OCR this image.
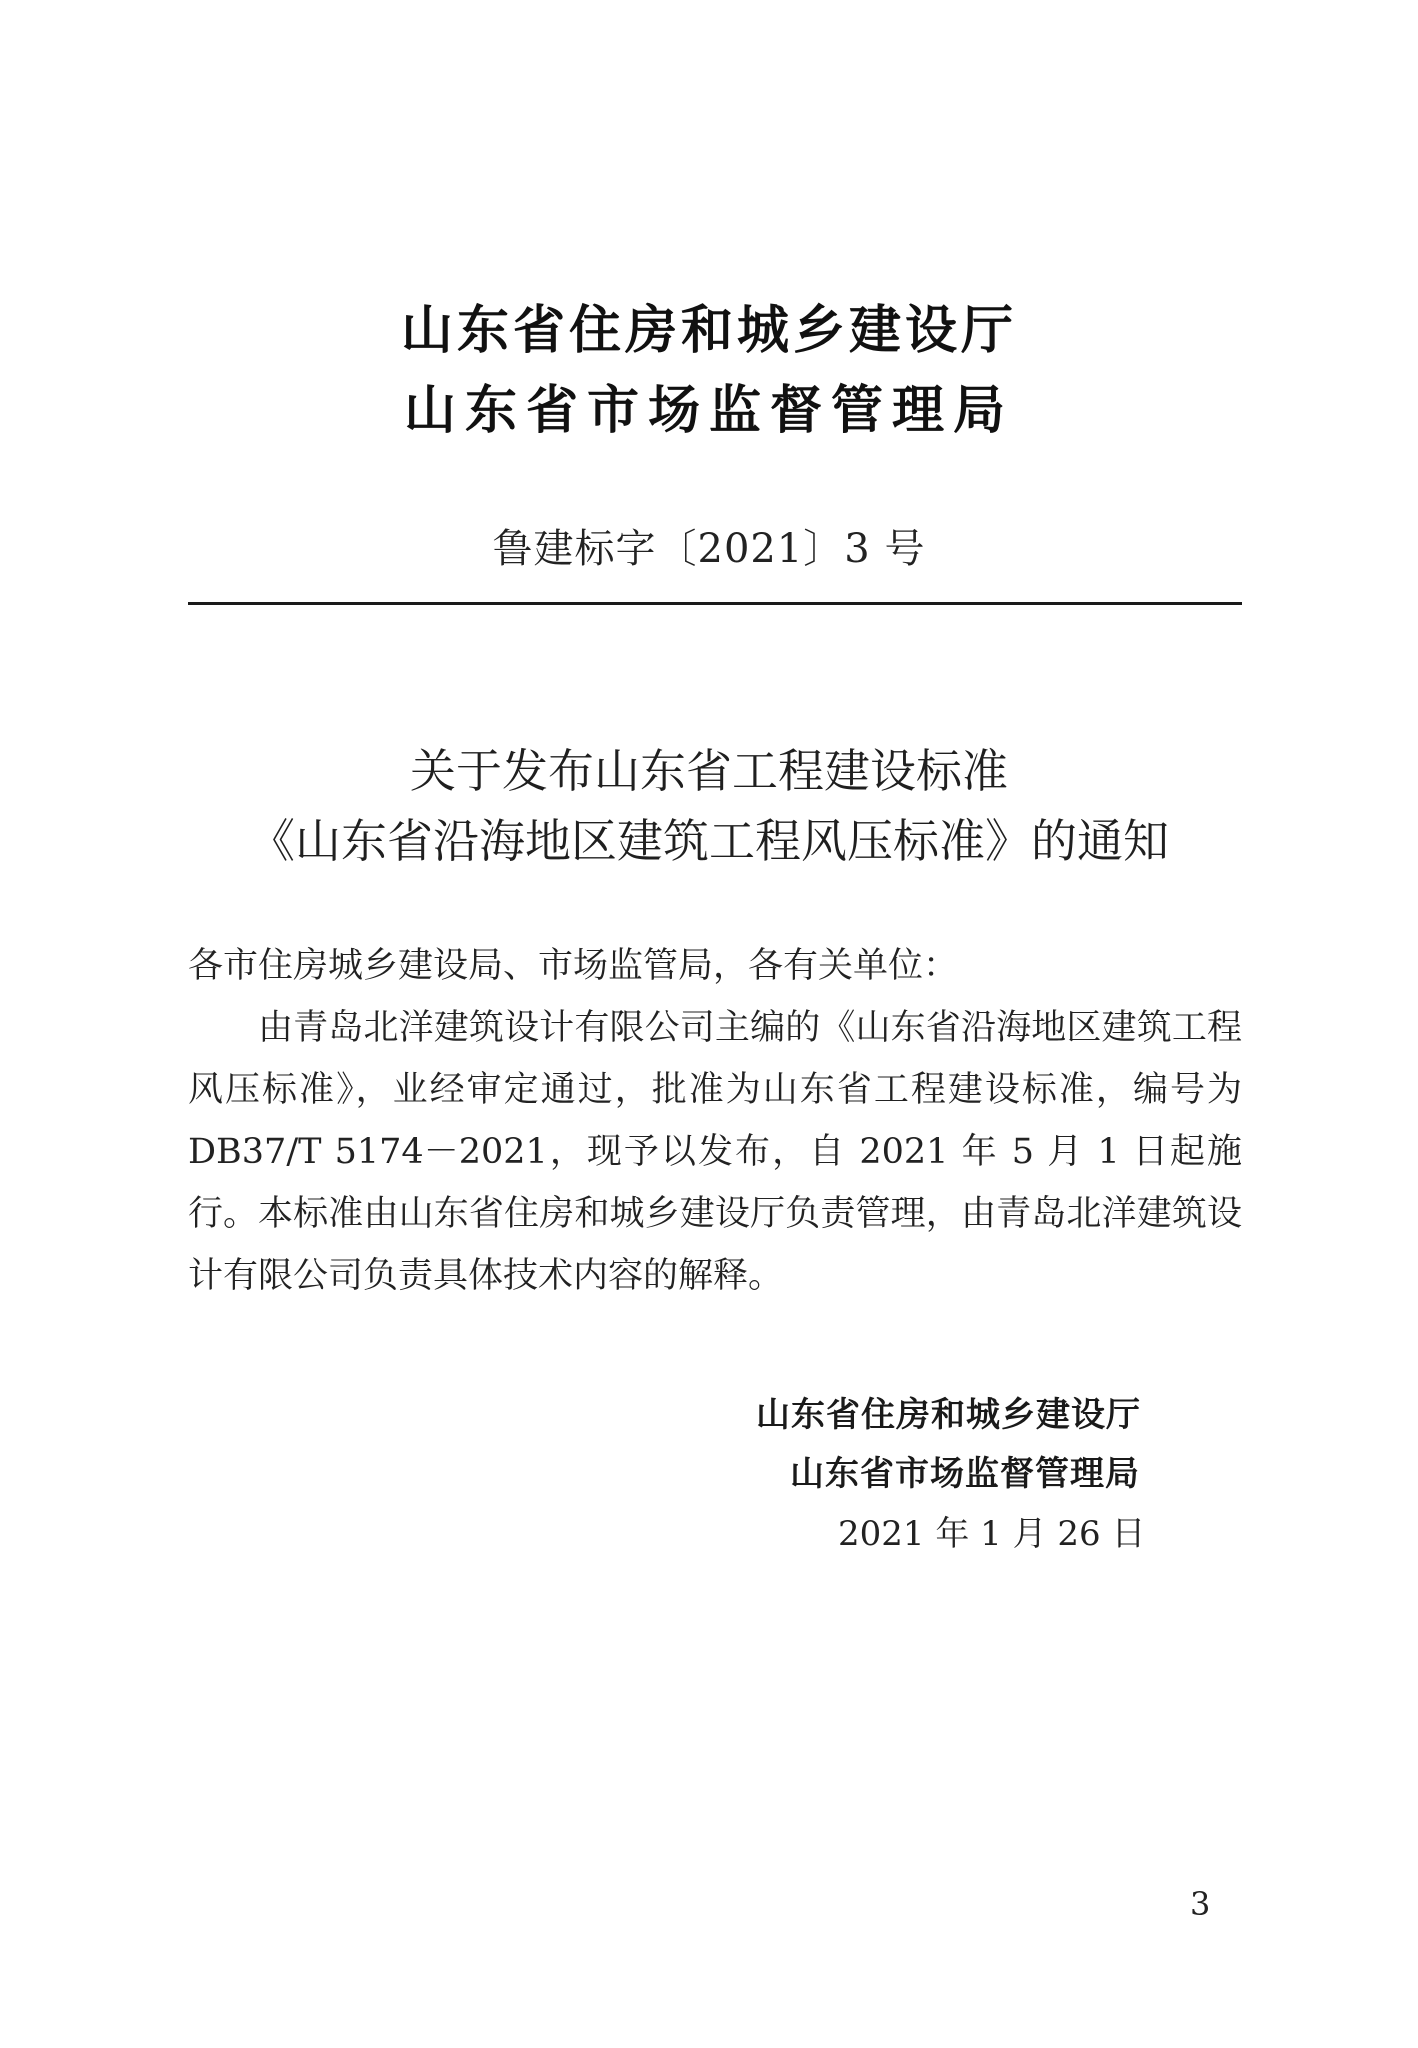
山东省住房和城乡建设厅
山东省市场监督管理局
鲁建标字〔2021〕3 号
关于发布山东省工程建设标准
《山东省沿海地区建筑工程风压标准》的通知
各市住房城乡建设局、市场监管局，各有关单位：
由青岛北洋建筑设计有限公司主编的《山东省沿海地区建筑工程风压标准》，业经审定通过，批准为山东省工程建设标准，编号为 DB37/T 5174－2021，现予以发布，自 2021 年 5 月 1 日起施行。 本标准由山东省住房和城乡建设厅负责管理，由青岛北洋建筑设计有限公司负责具体技术内容的解释。
山东省住房和城乡建设厅
山东省市场监督管理局
2021 年 1 月 26 日
3
